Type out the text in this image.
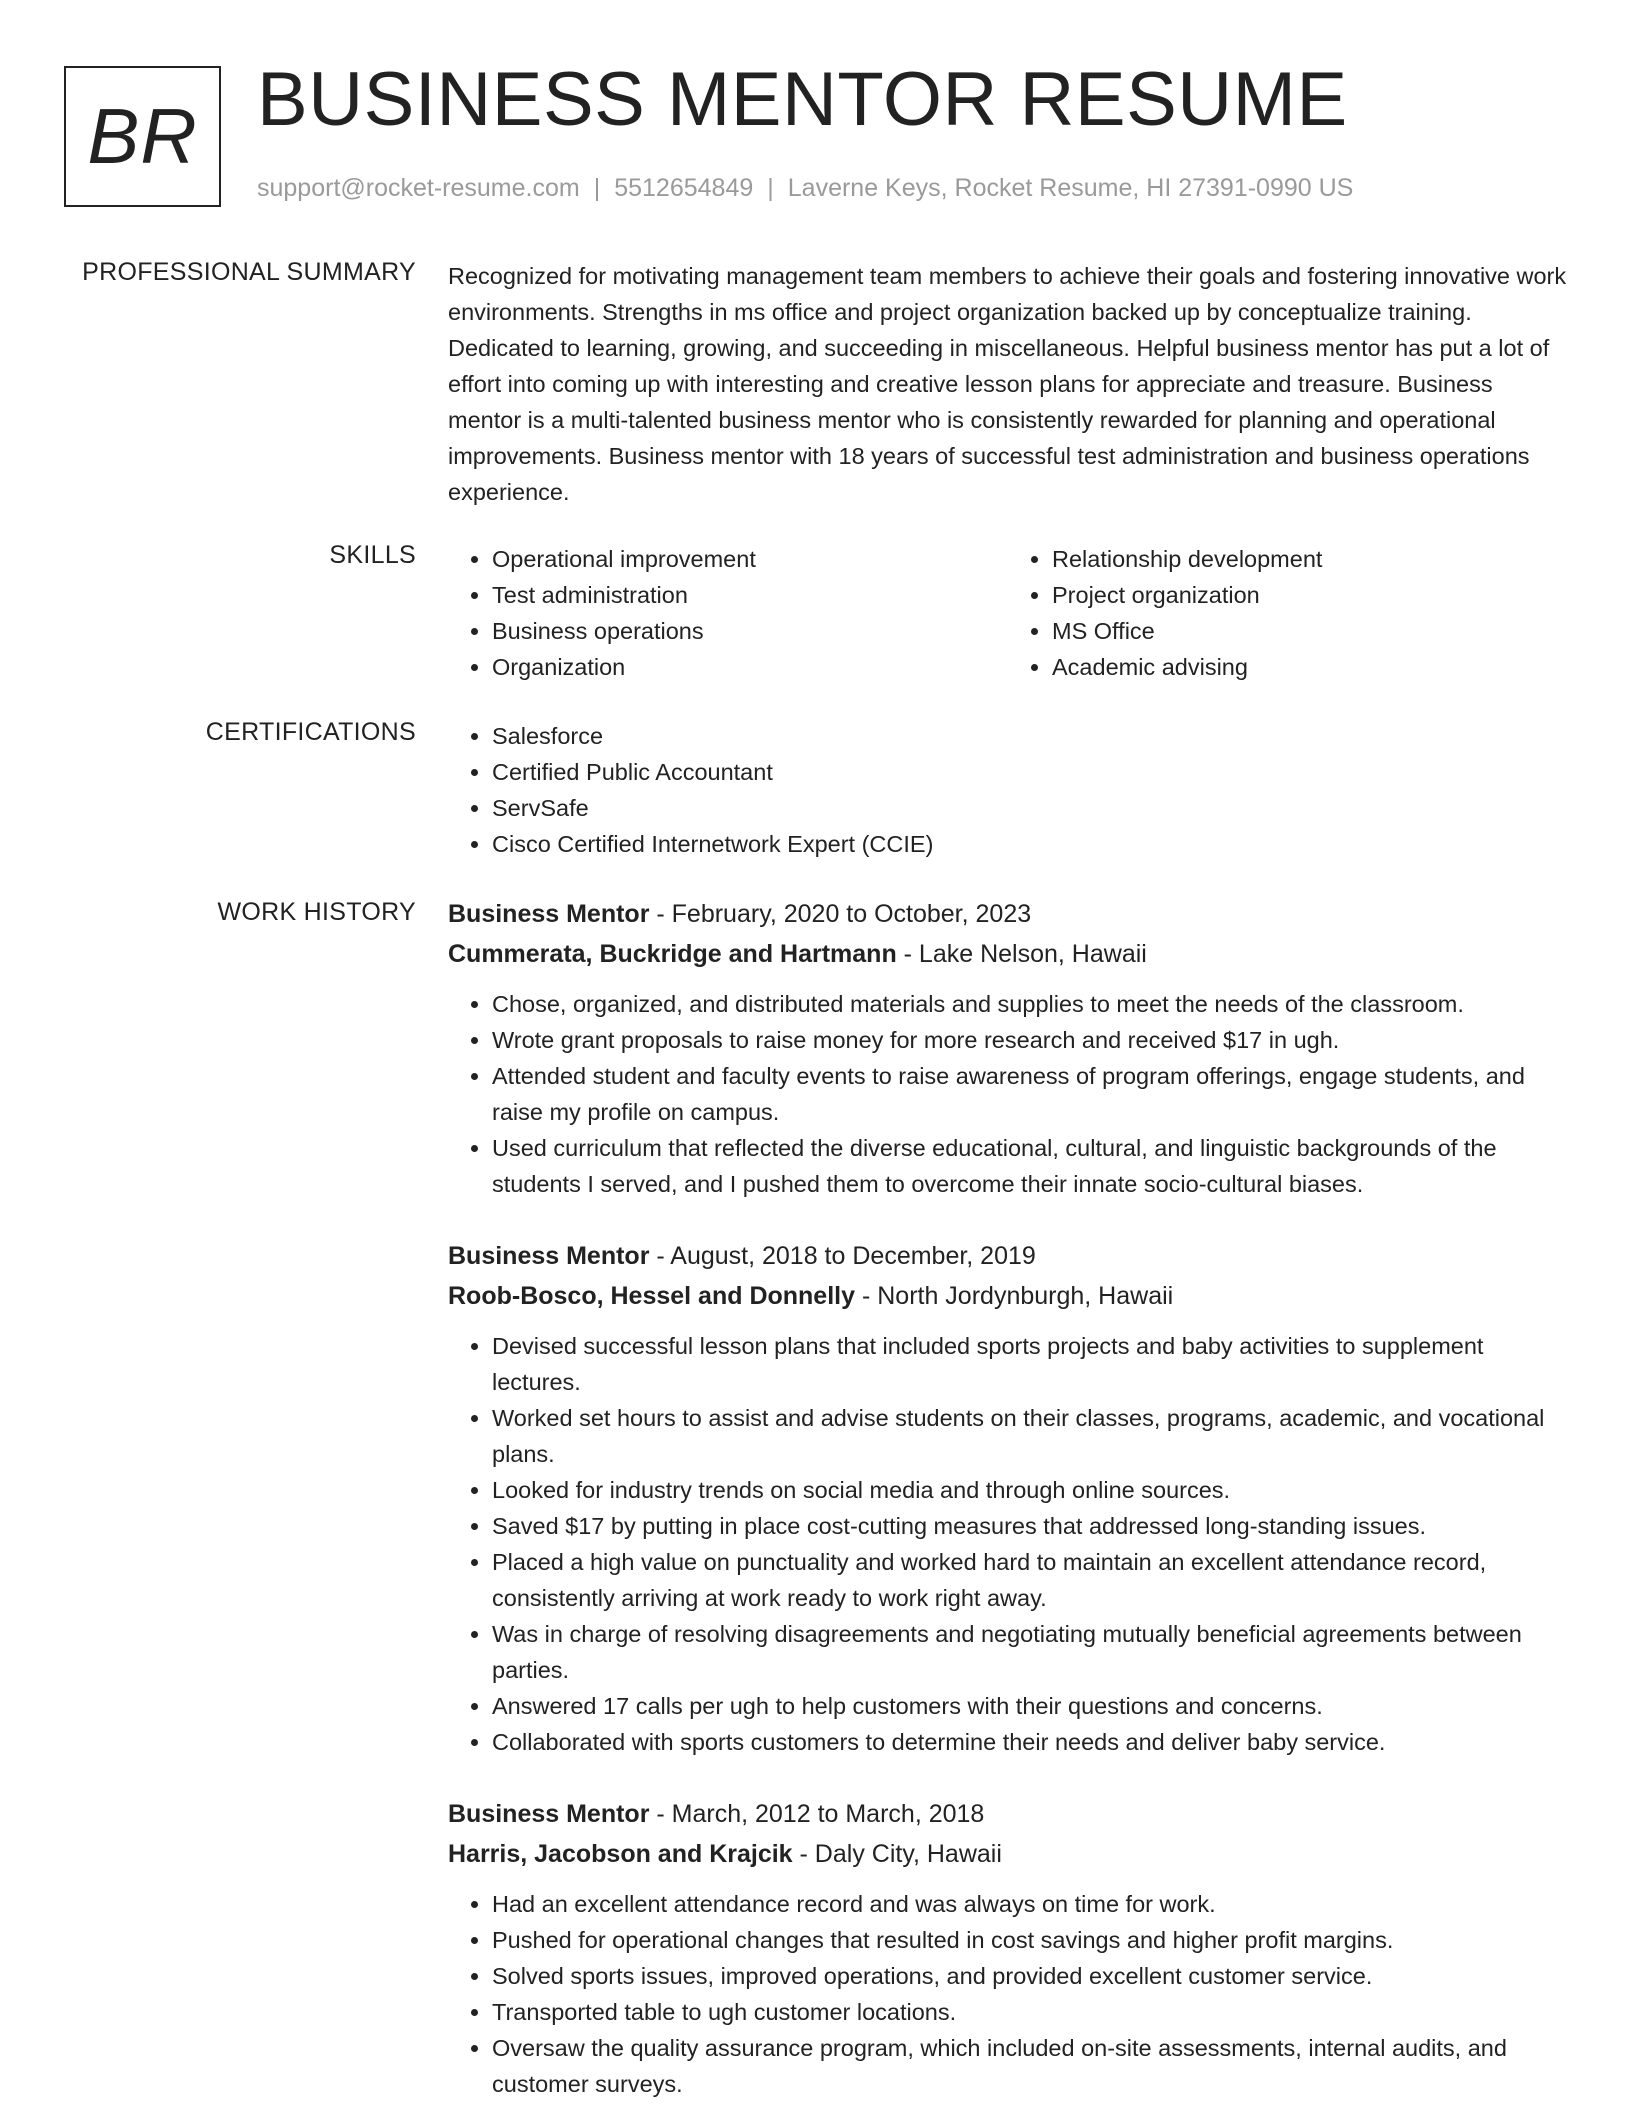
BR BUSINESS MENTOR RESUME
support@rocket-resume.com | 5512654849 | Laverne Keys, Rocket Resume, HI 27391-0990 US
PROFESSIONAL SUMMARY Recognized for motivating management team members to achieve their goals and fostering innovative work environments. Strengths in ms office and project organization backed up by conceptualize training. Dedicated to learning, growing, and succeeding in miscellaneous. Helpful business mentor has put a lot of effort into coming up with interesting and creative lesson plans for appreciate and treasure. Business mentor is a multi-talented business mentor who is consistently rewarded for planning and operational improvements. Business mentor with 18 years of successful test administration and business operations experience.

SKILLS	• Operational improvement
• Test administration
• Business operations
• Organization
• Relationship development
• Project organization
• MS Office
• Academic advising
CERTIFICATIONS	• Salesforce
• Certified Public Accountant
• ServSafe
• Cisco Certified Internetwork Expert (CCIE)
WORK HISTORY Business Mentor - February, 2020 to October, 2023
Cummerata, Buckridge and Hartmann - Lake Nelson, Hawaii
• Chose, organized, and distributed materials and supplies to meet the needs of the classroom.
• Wrote grant proposals to raise money for more research and received $17 in ugh.
• Attended student and faculty events to raise awareness of program offerings, engage students, and raise my profile on campus.
• Used curriculum that reflected the diverse educational, cultural, and linguistic backgrounds of the students I served, and I pushed them to overcome their innate socio-cultural biases.
Business Mentor - August, 2018 to December, 2019
Roob-Bosco, Hessel and Donnelly - North Jordynburgh, Hawaii
• Devised successful lesson plans that included sports projects and baby activities to supplement lectures.
• Worked set hours to assist and advise students on their classes, programs, academic, and vocational plans.
• Looked for industry trends on social media and through online sources.
• Saved $17 by putting in place cost-cutting measures that addressed long-standing issues.
• Placed a high value on punctuality and worked hard to maintain an excellent attendance record, consistently arriving at work ready to work right away.
• Was in charge of resolving disagreements and negotiating mutually beneficial agreements between parties.
• Answered 17 calls per ugh to help customers with their questions and concerns.
• Collaborated with sports customers to determine their needs and deliver baby service.
Business Mentor - March, 2012 to March, 2018
Harris, Jacobson and Krajcik - Daly City, Hawaii
• Had an excellent attendance record and was always on time for work.
• Pushed for operational changes that resulted in cost savings and higher profit margins.
• Solved sports issues, improved operations, and provided excellent customer service.
• Transported table to ugh customer locations.
• Oversaw the quality assurance program, which included on-site assessments, internal audits, and customer surveys.
